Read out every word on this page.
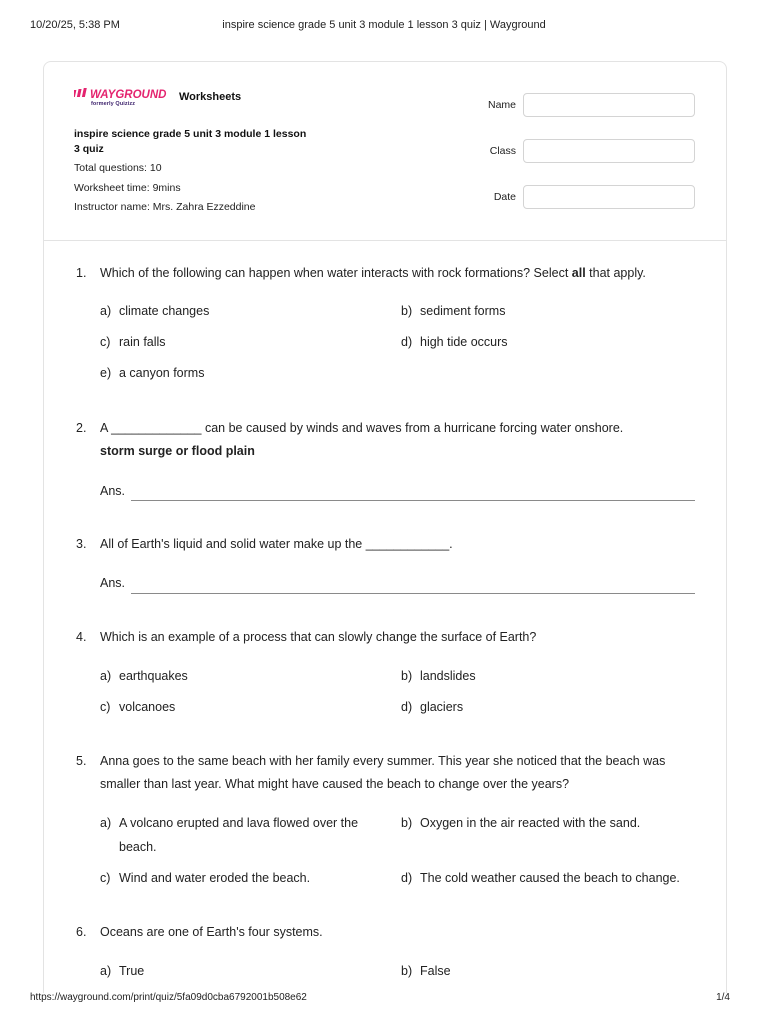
10/20/25, 5:38 PM	inspire science grade 5 unit 3 module 1 lesson 3 quiz | Wayground
https://wayground.com/print/quiz/5fa09d0cba6792001b508e62	1/4
WAYGROUND
formerly Quizizz
Worksheets
inspire science grade 5 unit 3 module 1 lesson 3 quiz
Total questions: 10
Worksheet time: 9mins
Instructor name: Mrs. Zahra Ezzeddine
Name
Class
Date
1.	Which of the following can happen when water interacts with rock formations? Select all that apply.
a) climate changes	b) sediment forms
c) rain falls	d) high tide occurs
e) a canyon forms
2.	A _____________ can be caused by winds and waves from a hurricane forcing water onshore.
storm surge or flood plain
Ans.
3.	All of Earth's liquid and solid water make up the ____________.
Ans.
4.	Which is an example of a process that can slowly change the surface of Earth?
a) earthquakes	b) landslides
c) volcanoes	d) glaciers
5.	Anna goes to the same beach with her family every summer. This year she noticed that the beach was
smaller than last year. What might have caused the beach to change over the years?
a) A volcano erupted and lava flowed over the
beach.
b) Oxygen in the air reacted with the sand.
c) Wind and water eroded the beach.	d) The cold weather caused the beach to change.
6.	Oceans are one of Earth's four systems.
a) True	b) False
